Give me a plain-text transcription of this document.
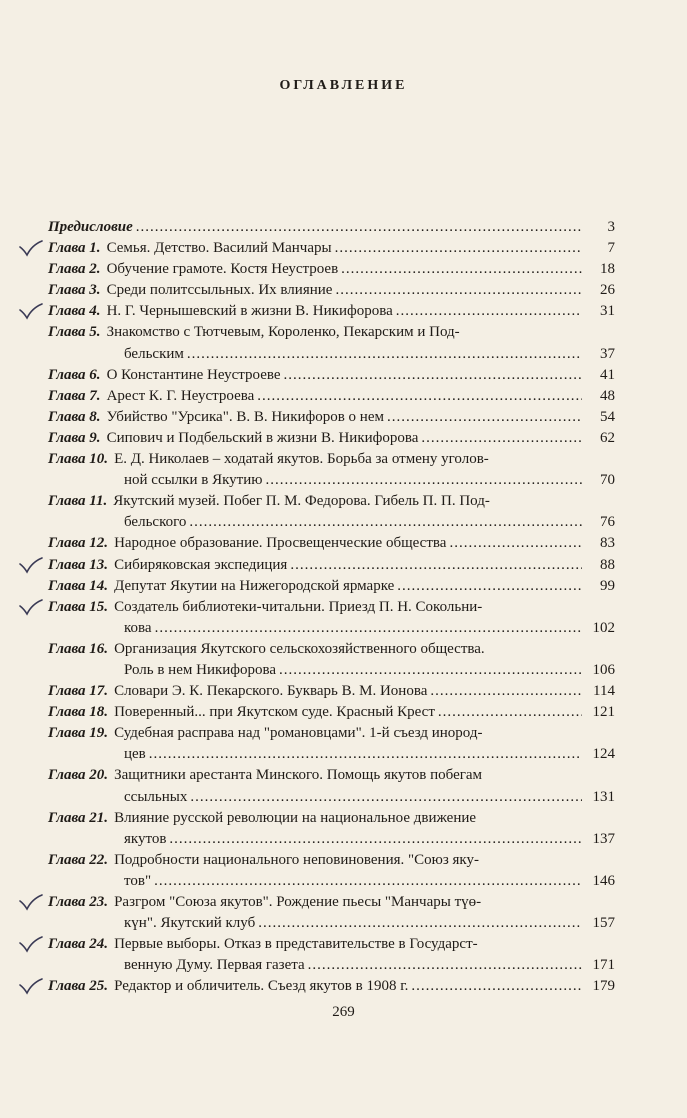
ОГЛАВЛЕНИЕ
Предисловие .....	3
Глава 1. Семья. Детство. Василий Манчары .....	7
Глава 2. Обучение грамоте. Костя Неустроев .....	18
Глава 3. Среди политссыльных. Их влияние .....	26
Глава 4. Н. Г. Чернышевский в жизни В. Никифорова .....	31
Глава 5. Знакомство с Тютчевым, Короленко, Пекарским и Под-
бельским .....	37
Глава 6. О Константине Неустроеве .....	41
Глава 7. Арест К. Г. Неустроева .....	48
Глава 8. Убийство "Урсика". В. В. Никифоров о нем .....	54
Глава 9. Сипович и Подбельский в жизни В. Никифорова .....	62
Глава 10. Е. Д. Николаев – ходатай якутов. Борьба за отмену уголов-
ной ссылки в Якутию .....	70
Глава 11. Якутский музей. Побег П. М. Федорова. Гибель П. П. Под-
бельского .....	76
Глава 12. Народное образование. Просвещенческие общества .....	83
Глава 13. Сибиряковская экспедиция .....	88
Глава 14. Депутат Якутии на Нижегородской ярмарке .....	99
Глава 15. Создатель библиотеки-читальни. Приезд П. Н. Сокольни-
кова .....	102
Глава 16. Организация Якутского сельскохозяйственного общества.
Роль в нем Никифорова .....	106
Глава 17. Словари Э. К. Пекарского. Букварь В. М. Ионова .....	114
Глава 18. Поверенный... при Якутском суде. Красный Крест .....	121
Глава 19. Судебная расправа над "романовцами". 1-й съезд инород-
цев .....	124
Глава 20. Защитники арестанта Минского. Помощь якутов побегам
ссыльных .....	131
Глава 21. Влияние русской революции на национальное движение
якутов .....	137
Глава 22. Подробности национального неповиновения. "Союз яку-
тов" .....	146
Глава 23. Разгром "Союза якутов". Рождение пьесы "Манчары түө-
күн". Якутский клуб .....	157
Глава 24. Первые выборы. Отказ в представительстве в Государст-
венную Думу. Первая газета .....	171
Глава 25. Редактор и обличитель. Съезд якутов в 1908 г. .....	179
269
